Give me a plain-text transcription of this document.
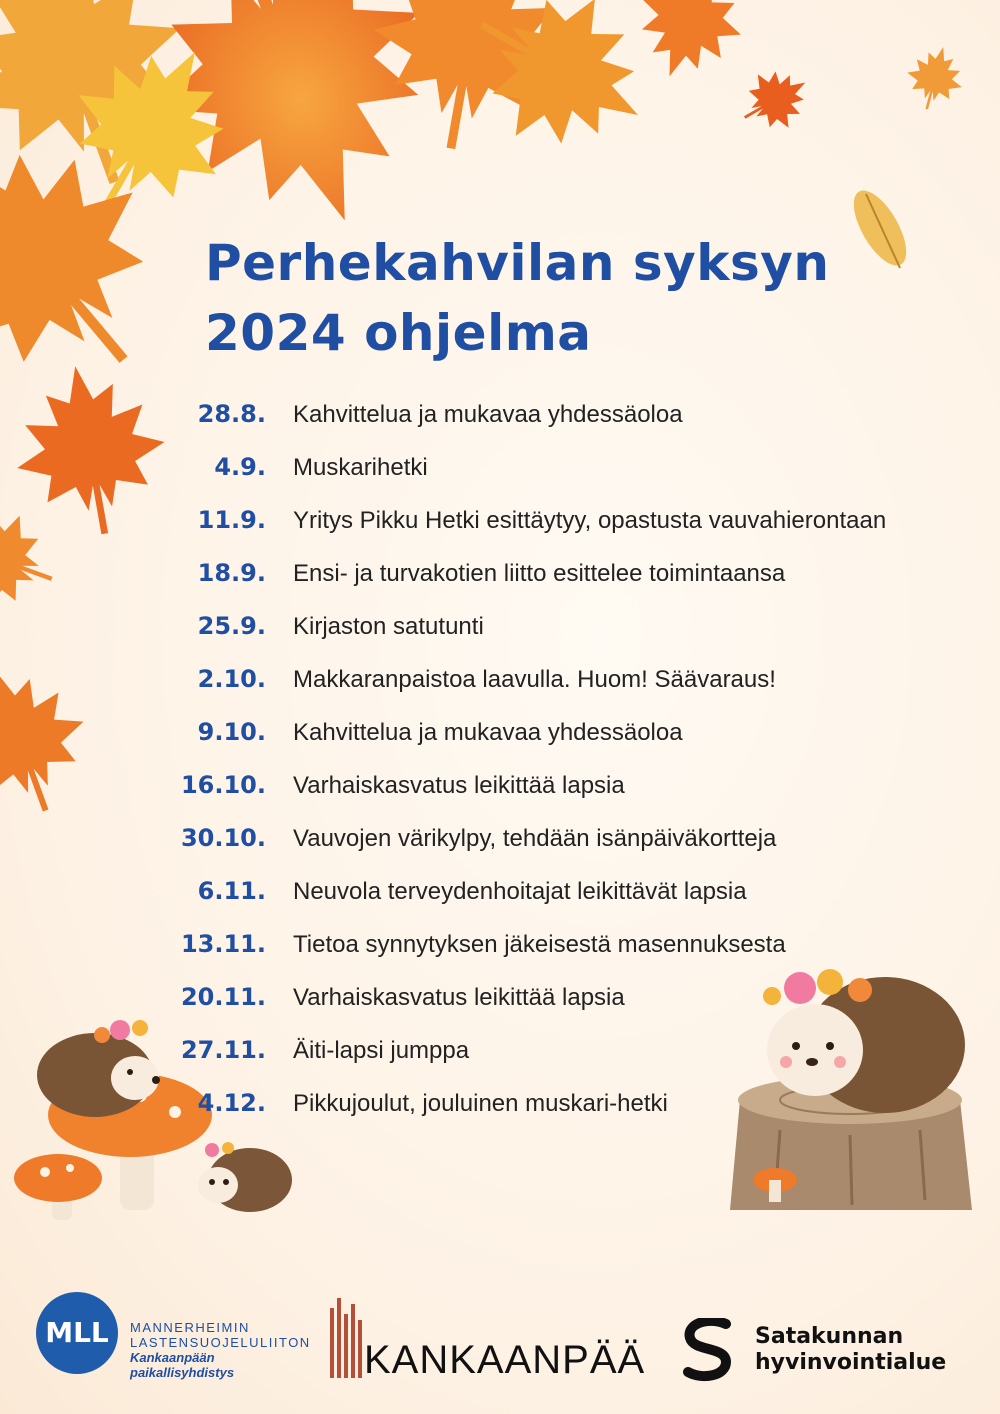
Perhekahvilan syksyn
2024 ohjelma
28.8. Kahvittelua ja mukavaa yhdessäoloa
4.9. Muskarihetki
11.9. Yritys Pikku Hetki esittäytyy, opastusta vauvahierontaan
18.9. Ensi- ja turvakotien liitto esittelee toimintaansa
25.9. Kirjaston satutunti
2.10. Makkaranpaistoa laavulla. Huom! Säävaraus!
9.10. Kahvittelua ja mukavaa yhdessäoloa
16.10. Varhaiskasvatus leikittää lapsia
30.10. Vauvojen värikylpy, tehdään isänpäiväkortteja
6.11. Neuvola terveydenhoitajat leikittävät lapsia
13.11. Tietoa synnytyksen jäkeisestä masennuksesta
20.11. Varhaiskasvatus leikittää lapsia
27.11. Äiti-lapsi jumppa
4.12. Pikkujoulut, jouluinen muskari-hetki
MLL	MANNERHEIMIN
LASTENSUOJELULIITON
Kankaanpään
paikallisyhdistys	KANKAANPÄÄ
Satakunnan
hyvinvointialue
